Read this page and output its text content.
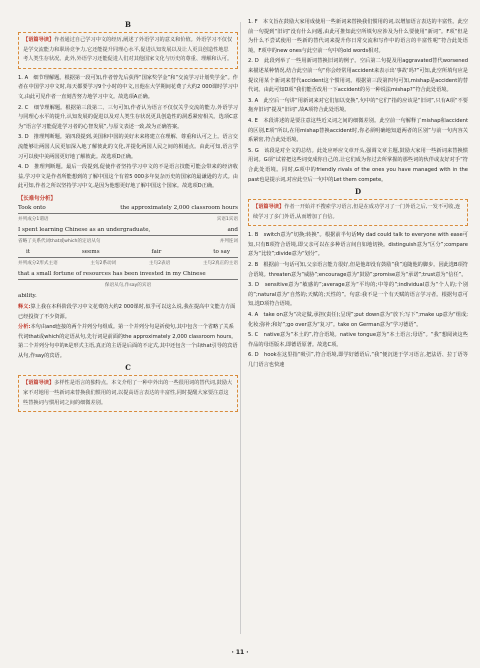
B
【语篇导读】作者通过自己学习中文的经历,阐述了外语学习的意义和价值。外语学习不仅仅是学交流能力和职场竞争力,它还能提升同理心水平,促进认知发展以及让人更具创造性地思考人类生存状况。此外,外语学习还能促进人们对其他国家文化与历史的尊重、理解和认可。

1. A　细节理解题。根据第一段可知,作者曾先后获得“国家奖学金”和“交流学习计划奖学金”。作者在中国学习中文时,每天都要学习9个小时的中文,且他在大学期间花费了大约2 000课时学习中文,由此可见作者一直刻苦努力地学习中文。故选项A正确。

2. C　细节理解题。根据第三段第二、三句可知,作者认为语言不仅仅关乎交流的能力,外语学习与同理心水平的提升,认知发展的促进以及对人类生存状况更具创造性的洞悉紧密相关。选项C意为“语言学习能促进学习者的心智发展”,与原文表述一致,故为正确答案。

3. D　推理判断题。第四段提到,美国和中国的美好未来将建立在理解、尊重和认可之上。语言交流能够让两国人民更加深入地了解彼此的文化,并提化两国人民之间的相通点。由此可知,语言学习可以使中美两国更好地了解彼此。故选项D正确。

4. D　推理判断题。最后一段提到,促使作者坚持学习中文的不是语言技能可能会带来的经济收益,学习中文是作者所能想到的了解中国这个有着5 000多年复杂历史的国家的最谦逊的方式。由此可知,作者之所以坚持学习中文,是因为他想更好地了解中国这个国家。故选项D正确。

【长难句分析】
Took onto	the approximately 2,000 classroom hours
并列成分1谓语	宾语1宾语
I spent learning Chinese as an undergraduate,	and
省略了关系代词that或which的定语从句	并列连词
it	seems	fair	to say
并列成分2形式主语	主句2系动词	主句2表语	主句2真正的主语
that a small fortune of resources has been invested in my Chinese
保语从句,作say的宾语
ability.

释义:算上我在本科阶段学习中文花费的大约2 000课时,似乎可以这么说,我在提高中文能力方面已经投资了不少资源。

分析:本句由and连接的两个并列分句组成。第一个并列分句是祈使句,其中包含一个省略了关系代词that或which的定语从句,先行词是前面的the approximately 2,000 classroom hours。第二个并列分句中的it是形式主语,真正的主语是后面的不定式,其中还包含一个由that引导的宾语从句,作say的宾语。

C
【语篇导读】多样性是语言的独特点。本文介绍了一种中外出的一些很用词的替代词,鼓励大家不对地用一些新词来替换我们惯用的词,以提高语言表达的丰富性,同时提醒大家要注意这些替换词与惯用词之间的细微差别。

1. F　本文旨在鼓励大家用成使用一些新词来替换我们惯用的词,以增加语言表达的丰富性。此空前一句提到“旧词”没有什么问题,由此可推知此空所填句应涉及为什么要使用“新词”。F项“但是为什么不尝试使用一些新的替代词来提升你日常交流和写作中的语言的丰富性呢”符合此处语境。F项中的new ones与此空前一句中的old words相对。

2. D　此段列举了一些用新词替换旧词的例子。空后第二句提及用aggravated替代worsened来描述某种情况,结合此空前一句“你会经常用accident来表示出‘事故’吗?”可知,此空所填句应是提议用某个新词来替代accident这个惯用词。根据第三段第四句可知,mishap是accident的替代词。由此可知D项“我们能否改用一下accident的另一种说法mishap?”符合此处语境。

3. A　此空后一句讲“用新词来对它们加以变换”,句中的“它们”指的应该是“旧词”,只有A项“不要拖弃旧词”提及“旧词”,故A项符合此处语境。

4. E　本段讲述的是要注意这些近义词之间的细微差别。此空前一句解释了mishap和accident的区别,E项“所以,在用mishap替换accident时,你必须明确地知道两者的区别”与前一句内容关系紧密,符合此处语境。

5. G　该段是对全文的总结。此处应呼应文章开头,强调文章主题,鼓励大家用一些新词来替换惯用词。G项“试着把这些词变成你自己的,让它们成为你过去所掌握的那些词的伙伴或友好对手”符合此处语境。同时,G项中的friendly rivals of the ones you have managed with in the past也是提示词,对应此空后一句中的Let them compete。

D
【语篇导读】作者一开始并不搜索学习语言,但是在成功学习了一门外语之后,一发不可收,连续学习了多门外语,从而增加了自信。

1. B　switch意为“切换;转换”。根据前半句话My dad could talk to everyone with ease可知,只有B项符合语境,即父亲可以在多种语言间自如地切换。distinguish意为“区分”;compare意为“比较”;divide意为“划分”。

2. B　根据前一句话可知,父亲语言能力很好,但是他却没有鼓励“我”追随他的脚步。因此选B项符合语境。threaten意为“威胁”;encourage意为“鼓励”;promise意为“承诺”;trust意为“信任”。

3. D　sensitive意为“敏感的”;average意为“平均的;中等的”;individual意为“个人的;个别的”;natural意为“自然的;天赋的;天性的”。句意:我不是一个有天赋的语言学习者。根据句意可知,选D项符合语境。

4. A　take on意为“决定做,承担(责任);呈现”;put down意为“放下;写下”;make up意为“组成;化妆;弥补;和好”;go over意为“复习”。take on German意为“学习德语”。

5. C　native意为“本土的”,符合语境。native tongue意为“本土语言;母语”。“我”想阅读这些作品的母语版本,即德语原著。故选C项。

6. D　hook在这里指“吸引”,符合语境,即学好德语后,“我”便沉迷于学习语言,把法语、拉丁语等几门语言也快速

· 11 ·
